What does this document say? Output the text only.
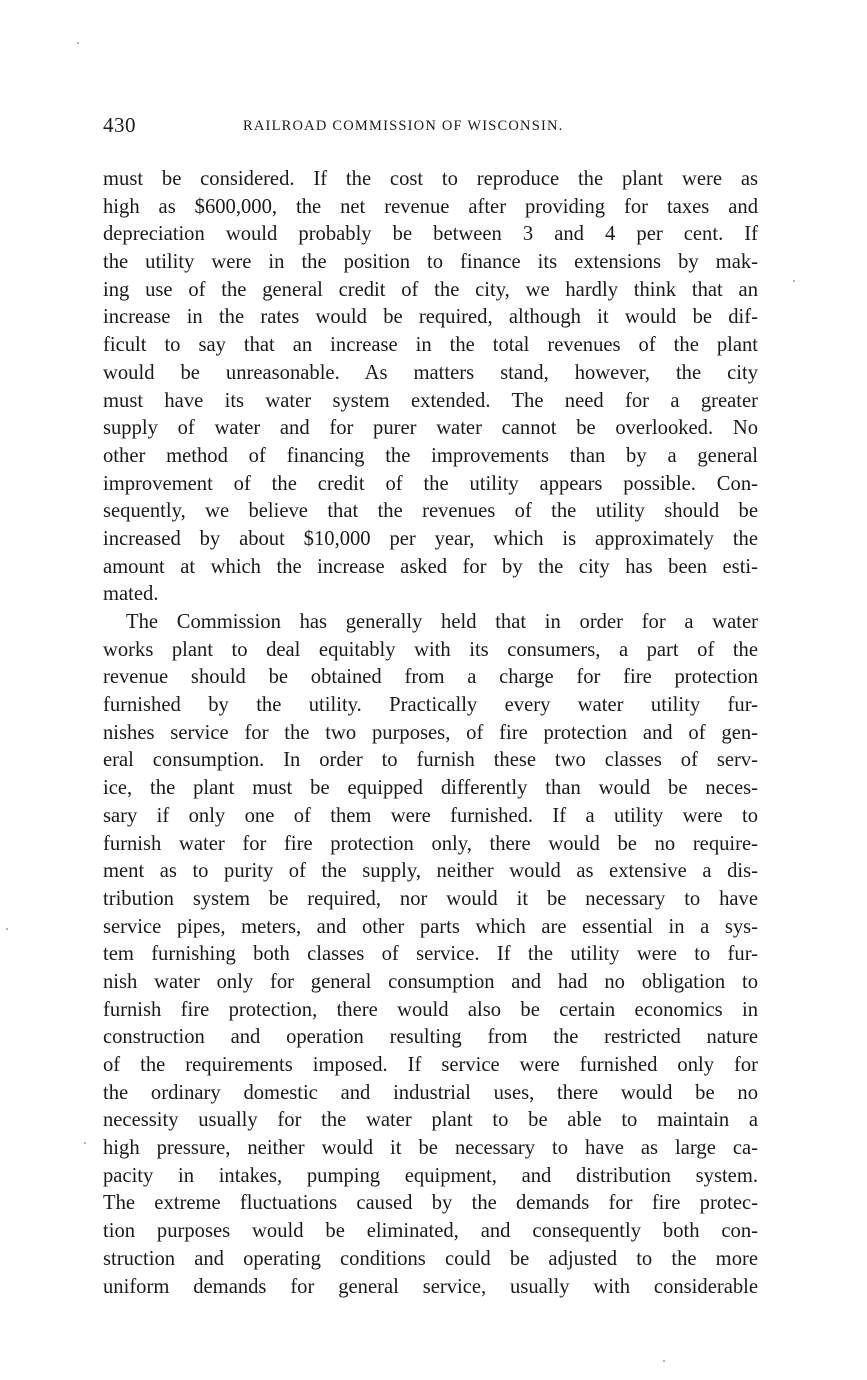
430	RAILROAD COMMISSION OF WISCONSIN.
must be considered. If the cost to reproduce the plant were as
high as $600,000, the net revenue after providing for taxes and
depreciation would probably be between 3 and 4 per cent. If
the utility were in the position to finance its extensions by mak-
ing use of the general credit of the city, we hardly think that an
increase in the rates would be required, although it would be dif-
ficult to say that an increase in the total revenues of the plant
would be unreasonable. As matters stand, however, the city
must have its water system extended. The need for a greater
supply of water and for purer water cannot be overlooked. No
other method of financing the improvements than by a general
improvement of the credit of the utility appears possible. Con-
sequently, we believe that the revenues of the utility should be
increased by about $10,000 per year, which is approximately the
amount at which the increase asked for by the city has been esti-
mated.
The Commission has generally held that in order for a water
works plant to deal equitably with its consumers, a part of the
revenue should be obtained from a charge for fire protection
furnished by the utility. Practically every water utility fur-
nishes service for the two purposes, of fire protection and of gen-
eral consumption. In order to furnish these two classes of serv-
ice, the plant must be equipped differently than would be neces-
sary if only one of them were furnished. If a utility were to
furnish water for fire protection only, there would be no require-
ment as to purity of the supply, neither would as extensive a dis-
tribution system be required, nor would it be necessary to have
service pipes, meters, and other parts which are essential in a sys-
tem furnishing both classes of service. If the utility were to fur-
nish water only for general consumption and had no obligation to
furnish fire protection, there would also be certain economics in
construction and operation resulting from the restricted nature
of the requirements imposed. If service were furnished only for
the ordinary domestic and industrial uses, there would be no
necessity usually for the water plant to be able to maintain a
high pressure, neither would it be necessary to have as large ca-
pacity in intakes, pumping equipment, and distribution system.
The extreme fluctuations caused by the demands for fire protec-
tion purposes would be eliminated, and consequently both con-
struction and operating conditions could be adjusted to the more
uniform demands for general service, usually with considerable
